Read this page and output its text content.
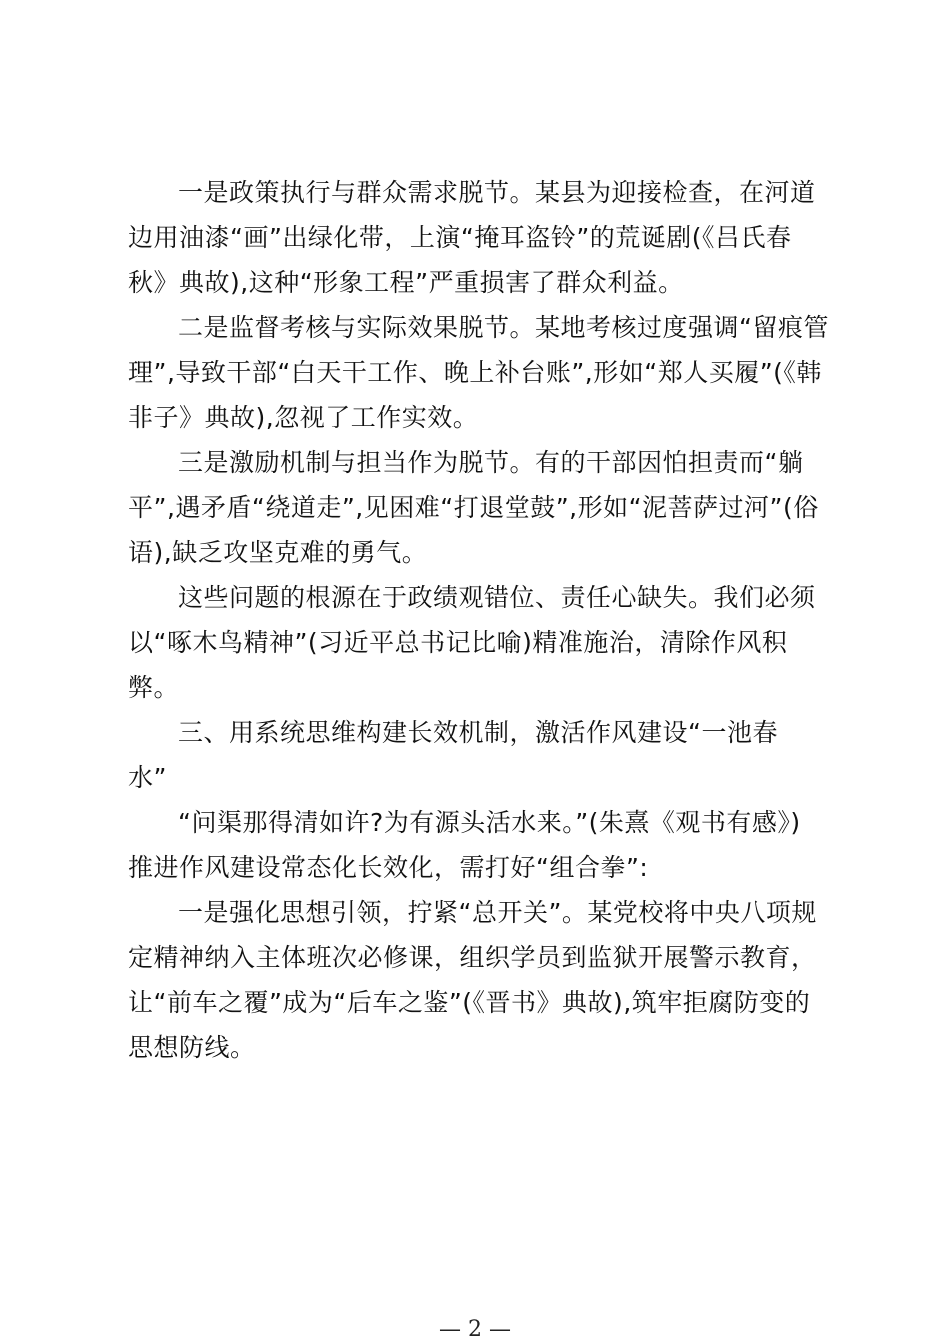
一是政策执行与群众需求脱节。某县为迎接检查，在河道
边用油漆“画”出绿化带，上演“掩耳盗铃”的荒诞剧(《吕氏春
秋》典故),这种“形象工程”严重损害了群众利益。
二是监督考核与实际效果脱节。某地考核过度强调“留痕管
理”,导致干部“白天干工作、晚上补台账”,形如“郑人买履”(《韩
非子》典故),忽视了工作实效。
三是激励机制与担当作为脱节。有的干部因怕担责而“躺
平”,遇矛盾“绕道走”,见困难“打退堂鼓”,形如“泥菩萨过河”(俗
语),缺乏攻坚克难的勇气。
这些问题的根源在于政绩观错位、责任心缺失。我们必须
以“啄木鸟精神”(习近平总书记比喻)精准施治，清除作风积
弊。
三、用系统思维构建长效机制，激活作风建设“一池春
水”
“问渠那得清如许?为有源头活水来。”(朱熹《观书有感》)
推进作风建设常态化长效化，需打好“组合拳”:
一是强化思想引领，拧紧“总开关”。某党校将中央八项规
定精神纳入主体班次必修课，组织学员到监狱开展警示教育，
让“前车之覆”成为“后车之鉴”(《晋书》典故),筑牢拒腐防变的
思想防线。
— 2 —
